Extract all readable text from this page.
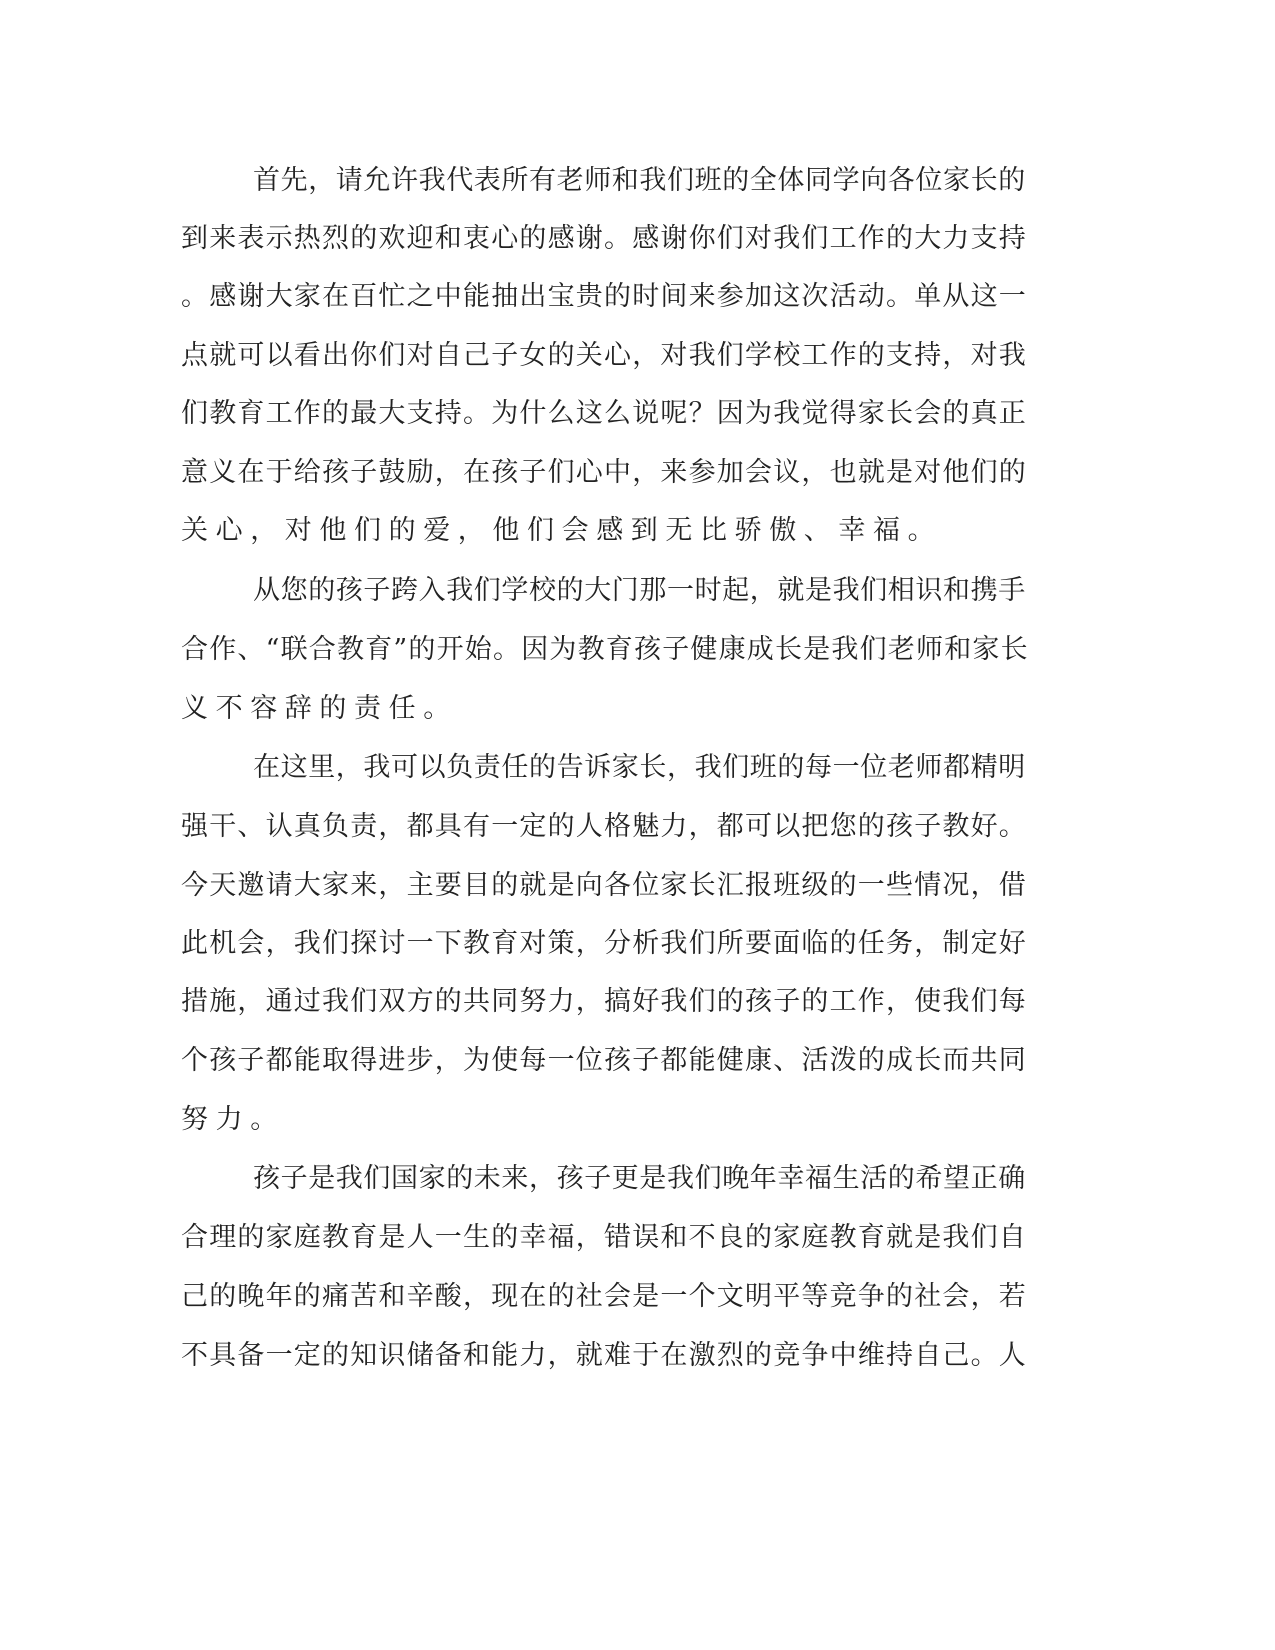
首先，请允许我代表所有老师和我们班的全体同学向各位家长的

到来表示热烈的欢迎和衷心的感谢。感谢你们对我们工作的大力支持

。感谢大家在百忙之中能抽出宝贵的时间来参加这次活动。单从这一

点就可以看出你们对自己子女的关心，对我们学校工作的支持，对我

们教育工作的最大支持。为什么这么说呢？因为我觉得家长会的真正

意义在于给孩子鼓励，在孩子们心中，来参加会议，也就是对他们的

关心，对他们的爱，他们会感到无比骄傲、幸福。

从您的孩子跨入我们学校的大门那一时起，就是我们相识和携手

合作、“联合教育”的开始。因为教育孩子健康成长是我们老师和家长

义不容辞的责任。

在这里，我可以负责任的告诉家长，我们班的每一位老师都精明

强干、认真负责，都具有一定的人格魅力，都可以把您的孩子教好。

今天邀请大家来，主要目的就是向各位家长汇报班级的一些情况，借

此机会，我们探讨一下教育对策，分析我们所要面临的任务，制定好

措施，通过我们双方的共同努力，搞好我们的孩子的工作，使我们每

个孩子都能取得进步，为使每一位孩子都能健康、活泼的成长而共同

努力。

孩子是我们国家的未来，孩子更是我们晚年幸福生活的希望正确

合理的家庭教育是人一生的幸福，错误和不良的家庭教育就是我们自

己的晚年的痛苦和辛酸，现在的社会是一个文明平等竞争的社会，若

不具备一定的知识储备和能力，就难于在激烈的竞争中维持自己。人
